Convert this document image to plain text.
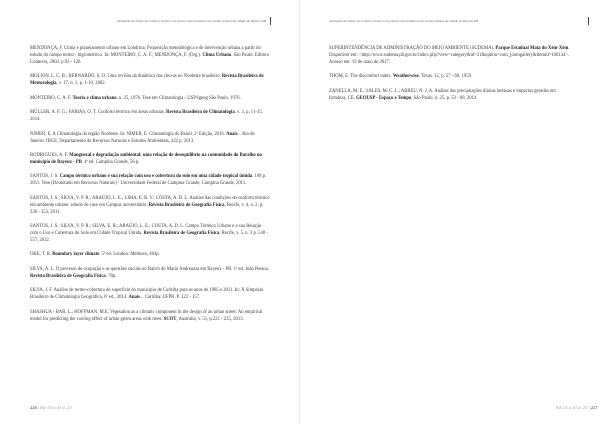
Avaliação do índice de conforto térmico em pontos representativos da malha urbana da cidade de Bayeux-PB

MENDONÇA, F. Clima e planejamento urbano em Londrina: Proposição metodológica e de intervenção urbana a partir do estudo do campo termo - higrométrico. In: MONTEIRO, C. A. F.; MENDONÇA, F. (Org.). Clima Urbano. São Paulo: Editora Contexto, 2003. p.93 - 120.

MOLION, L. C. B.; BERNARDO, S. O. Uma revisão da dinâmica das chuvas no Nordeste brasileiro. Revista Brasileira de Meteorologia, v. 17, n. 1, p. 1-10, 2002.

MONTEIRO, C. A. F. Teoria e clima urbano. n. 25, 1976. Tese em Climatologia - USP/Igeog São Paulo, 1976.

MÜLLER, A. F. G.; FARIAS, O. T. Conforto térmico em áreas urbanas. Revista Brasileira de Climatologia. v. 3, p. 11-35, 2014.

NIMER, E. A Climatologia da região Nordeste. In: NIMER, E. Climatologia do Brasil. 2ª Edição, 2016. Anais... Rio de Janeiro: IBGE, Departamento de Recursos Naturais e Estudos Ambientais, 422 p, 2013.

RODRIGUES, A. F. Manguezal e degradação ambiental: uma relação de desequilíbrio na comunidade do Baralho no município de Bayeux - PB. 4ª ed. Campina Grande, 56 p.

SANTOS, J. S. Campo térmico urbano e sua relação com uso e cobertura do solo em uma cidade tropical úmida. 108 p. 2011. Tese (Doutorado em Recursos Naturais) - Universidade Federal de Campina Grande, Campina Grande, 2011.

SANTOS, J. S.; SILVA, V. P. R.; ARAÚJO, L. E.; LIMA, E. R. V.; COSTA, A. D. L. Análise das condições do conforto térmico em ambiente urbano: estudo de caso em Campus universitário. Revista Brasileira de Geografia Física, Recife, v. 4, n. 2, p. 336 - 353, 2011.

SANTOS, J. S.; SILVA, V. P. R.; SILVA, E. R.; ARAÚJO, L. E.; COSTA, A. D. L. Campo Térmico Urbano e a sua Relação com o Uso e Cobertura do Solo em Cidade Tropical Úmida. Revista Brasileira de Geografia Física, Recife, v. 5, n. 3 p. 540 - 557, 2012.

OKE, T. R. Boundary layer climate. 5ª ed. London: Methuen, 464p.

SILVA, A. L. O processo de ocupação e as questões sociais no Bairro do Mario Andreazza em Bayeux - PB. 1ª ed. João Pessoa, Revista Brasileira de Geografia Física, 78p.

SILVA, J. F. Análise de termo-cobertura de superfície do município de Curitiba para os anos de 1985 e 2011. In: X Simpósio Brasileiro de Climatologia Geográfica, 6ª ed., 2014. Anais... Curitiba: UFPR. P. 122 - 157.

SHASHUA - BAR, L.; HOFFMAN, M.E. Vegetation as a climatic component in the design of an urban street: An empirical model for predicting the cooling effect of urban green areas with trees. SCOT, Australia, v. 51, p.221 - 235, 2013.

226 | Ed. 01 a 01 p. 23
Avaliação do índice de conforto térmico em pontos representativos da malha urbana da cidade de Bayeux-PB

SUPERINTENDÊNCIA DE ADMINISTRAÇÃO DO MEIO AMBIENTE (SUDEMA). Parque Estadual Mata do Xém-Xém. Disponível em: <http://www.sudema.pb.gov.br/index.php?view=category&id=21&option=com_joomgallery&Itemid=100134>. Acesso em: 19 de maio de 2017.

THOM, E. The discomfort index. Weatherwise, Texas. 12, p. 57 - 60, 1959.

ZANELLA, M. E.; SALES, M. C. L.; ABREU, N. J. A. Análise das precipitações diárias intensas e impactos gerados em fortaleza, CE. GEOUSP - Espaço e Tempo, São Paulo. n. 25, p. 53 - 68, 2014.

Ed. 01 a 01 p. 23 | 227
